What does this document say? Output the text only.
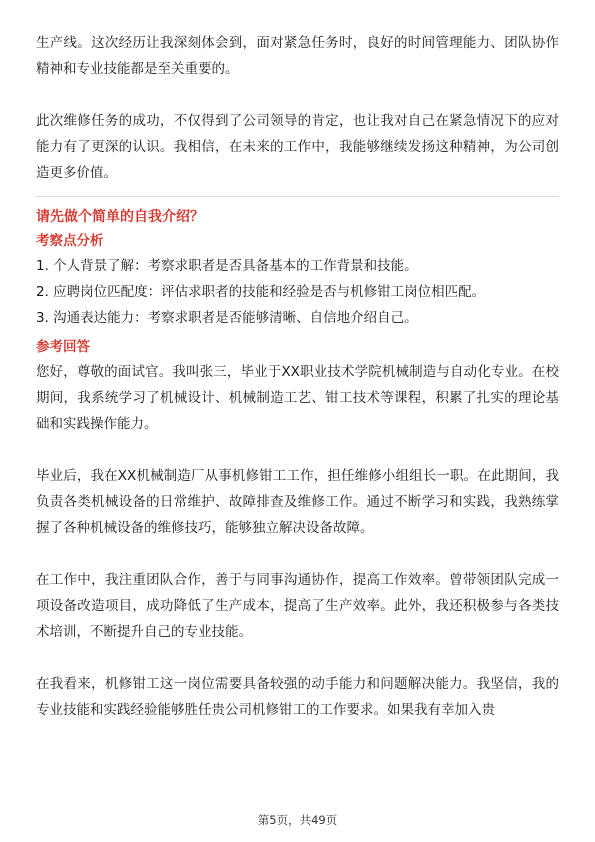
生产线。这次经历让我深刻体会到，面对紧急任务时，良好的时间管理能力、团队协作精神和专业技能都是至关重要的。

此次维修任务的成功，不仅得到了公司领导的肯定，也让我对自己在紧急情况下的应对能力有了更深的认识。我相信，在未来的工作中，我能够继续发扬这种精神，为公司创造更多价值。

请先做个简单的自我介绍？
考察点分析
1. 个人背景了解：考察求职者是否具备基本的工作背景和技能。
2. 应聘岗位匹配度：评估求职者的技能和经验是否与机修钳工岗位相匹配。
3. 沟通表达能力：考察求职者是否能够清晰、自信地介绍自己。
参考回答

您好，尊敬的面试官。我叫张三，毕业于XX职业技术学院机械制造与自动化专业。在校期间，我系统学习了机械设计、机械制造工艺、钳工技术等课程，积累了扎实的理论基础和实践操作能力。

毕业后，我在XX机械制造厂从事机修钳工工作，担任维修小组组长一职。在此期间，我负责各类机械设备的日常维护、故障排查及维修工作。通过不断学习和实践，我熟练掌握了各种机械设备的维修技巧，能够独立解决设备故障。

在工作中，我注重团队合作，善于与同事沟通协作，提高工作效率。曾带领团队完成一项设备改造项目，成功降低了生产成本，提高了生产效率。此外，我还积极参与各类技术培训，不断提升自己的专业技能。

在我看来，机修钳工这一岗位需要具备较强的动手能力和问题解决能力。我坚信，我的专业技能和实践经验能够胜任贵公司机修钳工的工作要求。如果我有幸加入贵

第5页，共49页
